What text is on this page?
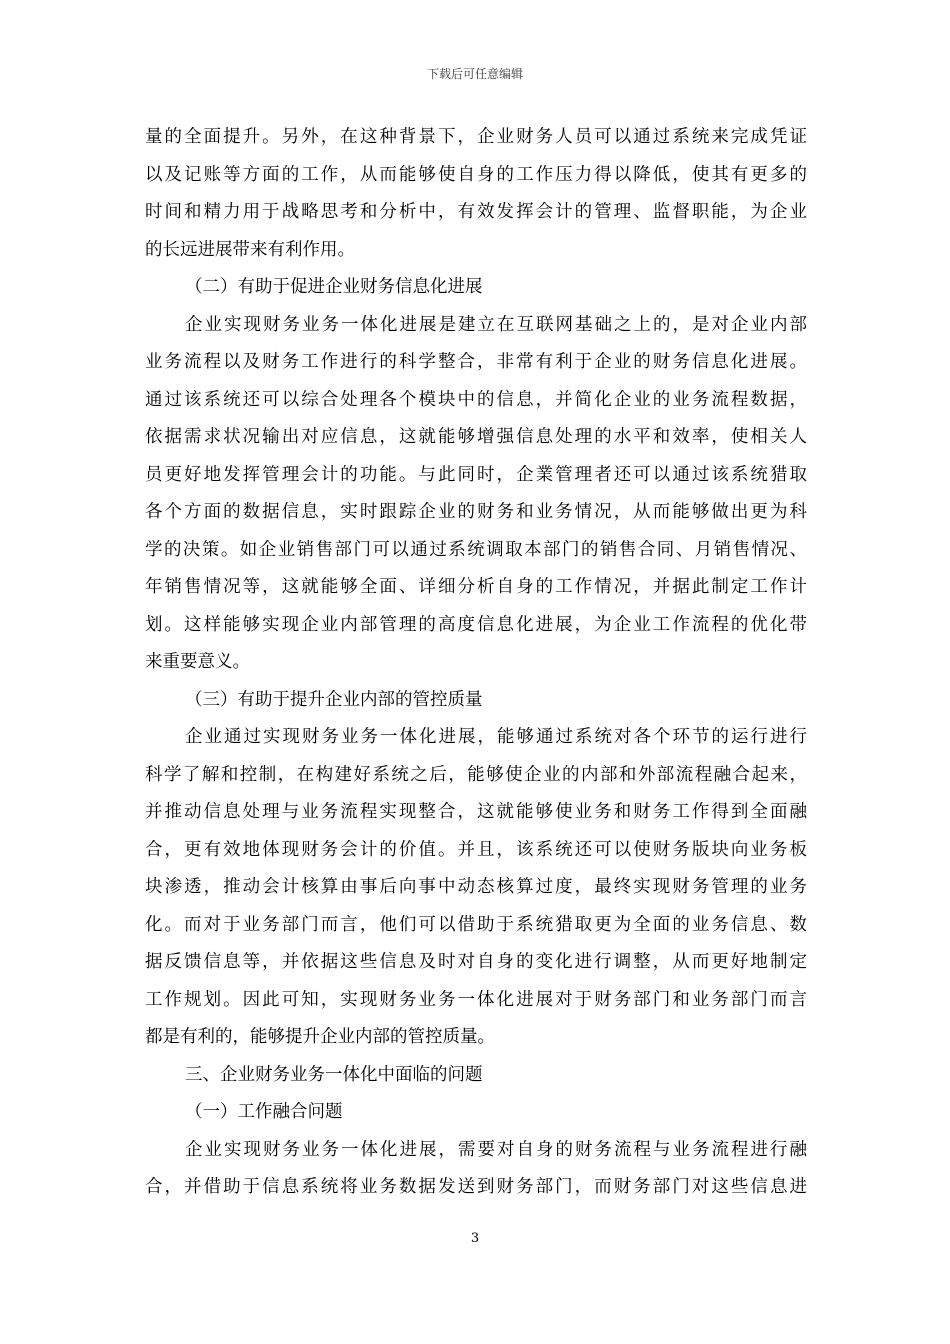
下载后可任意编辑
量的全面提升。另外，在这种背景下，企业财务人员可以通过系统来完成凭证
以及记账等方面的工作，从而能够使自身的工作压力得以降低，使其有更多的
时间和精力用于战略思考和分析中，有效发挥会计的管理、监督职能，为企业
的长远进展带来有利作用。
（二）有助于促进企业财务信息化进展
企业实现财务业务一体化进展是建立在互联网基础之上的，是对企业内部
业务流程以及财务工作进行的科学整合，非常有利于企业的财务信息化进展。
通过该系统还可以综合处理各个模块中的信息，并简化企业的业务流程数据，
依据需求状况输出对应信息，这就能够增强信息处理的水平和效率，使相关人
员更好地发挥管理会计的功能。与此同时，企業管理者还可以通过该系统猎取
各个方面的数据信息，实时跟踪企业的财务和业务情况，从而能够做出更为科
学的决策。如企业销售部门可以通过系统调取本部门的销售合同、月销售情况、
年销售情况等，这就能够全面、详细分析自身的工作情况，并据此制定工作计
划。这样能够实现企业内部管理的高度信息化进展，为企业工作流程的优化带
来重要意义。
（三）有助于提升企业内部的管控质量
企业通过实现财务业务一体化进展，能够通过系统对各个环节的运行进行
科学了解和控制，在构建好系统之后，能够使企业的内部和外部流程融合起来，
并推动信息处理与业务流程实现整合，这就能够使业务和财务工作得到全面融
合，更有效地体现财务会计的价值。并且，该系统还可以使财务版块向业务板
块渗透，推动会计核算由事后向事中动态核算过度，最终实现财务管理的业务
化。而对于业务部门而言，他们可以借助于系统猎取更为全面的业务信息、数
据反馈信息等，并依据这些信息及时对自身的变化进行调整，从而更好地制定
工作规划。因此可知，实现财务业务一体化进展对于财务部门和业务部门而言
都是有利的，能够提升企业内部的管控质量。
三、企业财务业务一体化中面临的问题
（一）工作融合问题
企业实现财务业务一体化进展，需要对自身的财务流程与业务流程进行融
合，并借助于信息系统将业务数据发送到财务部门，而财务部门对这些信息进
3
